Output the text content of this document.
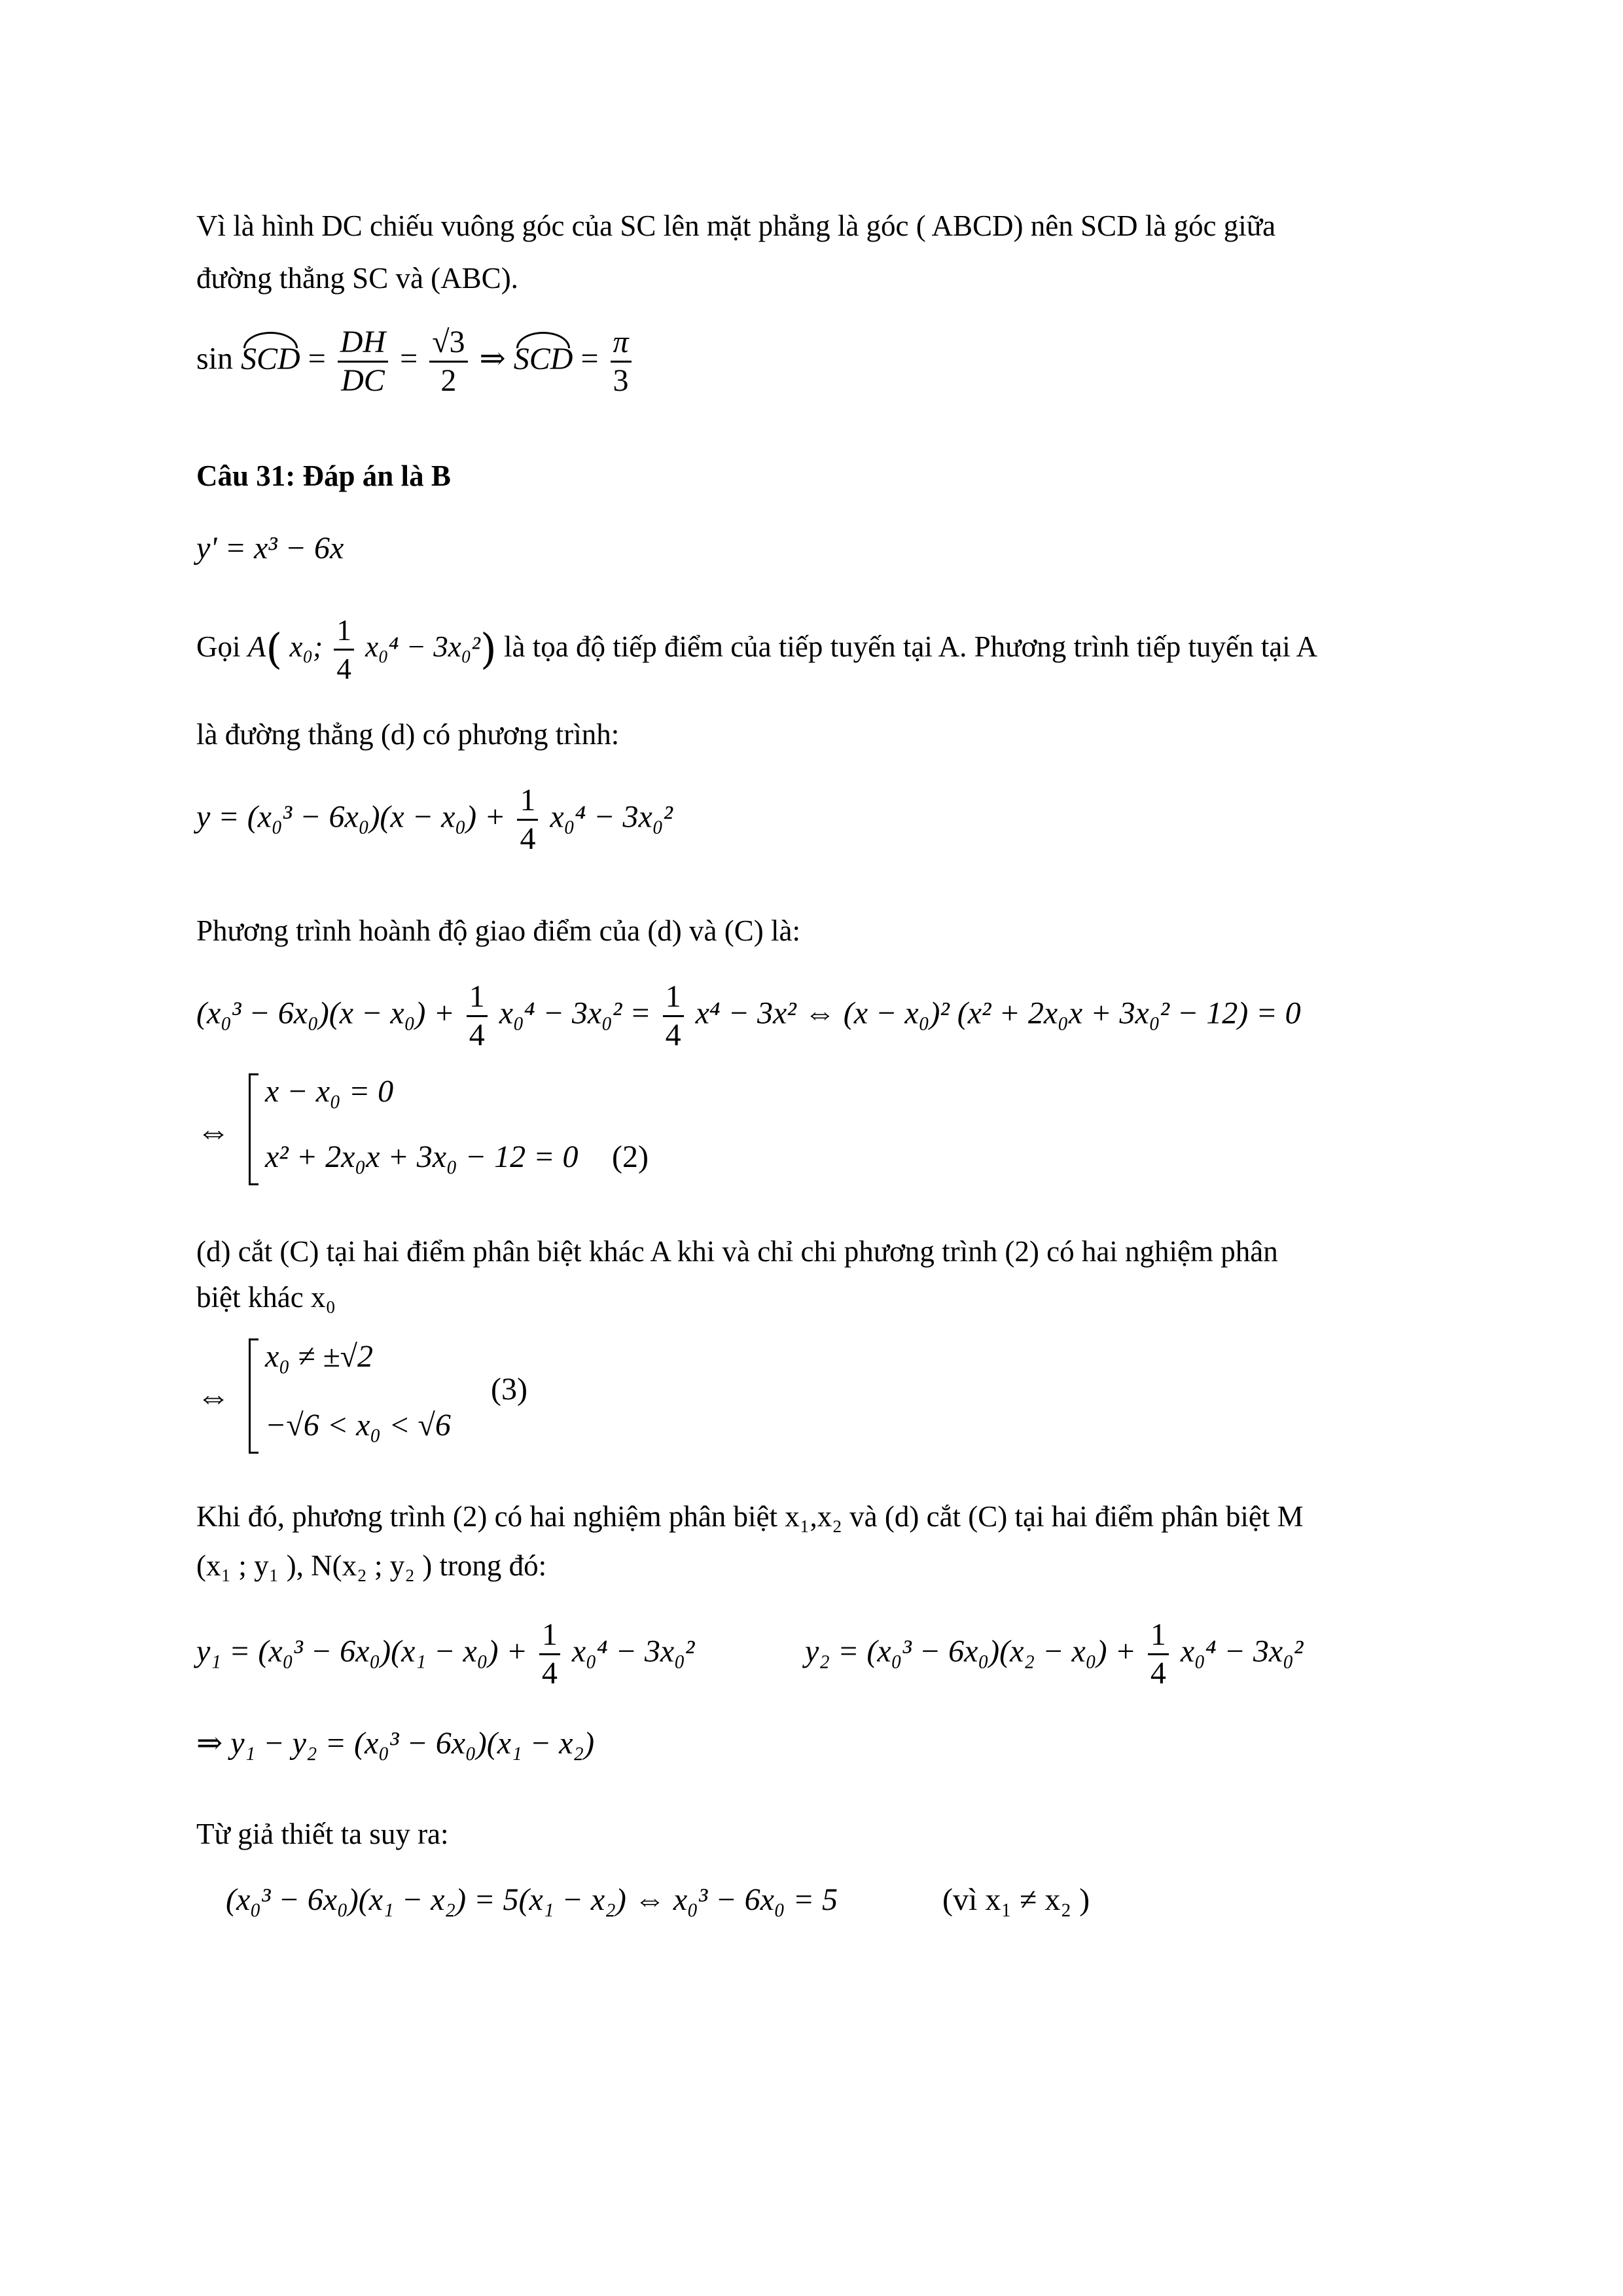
Vì là hình DC chiếu vuông góc của SC lên mặt phẳng là góc ( ABCD) nên SCD là góc giữa
đường thẳng SC và (ABC).
sin SCD = $\frac{DH}{DC} = \frac{√3}{2}$ ⇒ SCD = $\frac{\pi}{3}$
Câu 31: Đáp án là B
y' = x³ − 6x
Gọi A( x₀; $\frac{1}{4} x_0^4 - 3x_0^2$) là tọa độ tiếp điểm của tiếp tuyến tại A. Phương trình tiếp tuyến tại A
là đường thẳng (d) có phương trình:
$y = (x_0^3 - 6x_0)(x - x_0) + \frac{1}{4} x_0^4 - 3x_0^2$
Phương trình hoành độ giao điểm của (d) và (C) là:
$(x_0^3 - 6x_0)(x - x_0) + \frac{1}{4} x_0^4 - 3x_0^2 = \frac{1}{4} x^4 - 3x^2$ ⇔ (x − x₀)² (x² + 2x₀x + 3x₀² − 12) = 0
⇔
x − x₀ = 0
x² + 2x₀x + 3x₀ − 12 = 0 (2)
(d) cắt (C) tại hai điểm phân biệt khác A khi và chỉ chi phương trình (2) có hai nghiệm phân
biệt khác x₀
⇔
x₀ ≠ ±√2
−√6 < x₀ < √6
(3)
Khi đó, phương trình (2) có hai nghiệm phân biệt x₁,x₂ và (d) cắt (C) tại hai điểm phân biệt M
(x₁ ; y₁ ), N(x₂ ; y₂ ) trong đó:
$y_1 = (x_0^3 - 6x_0)(x_1 - x_0) + \frac{1}{4} x_0^4 - 3x_0^2$	$y_2 = (x_0^3 - 6x_0)(x_2 - x_0) + \frac{1}{4} x_0^4 - 3x_0^2$
⇒ y₁ − y₂ = (x₀³ − 6x₀)(x₁ − x₂)
Từ giả thiết ta suy ra:
(x₀³ − 6x₀)(x₁ − x₂) = 5(x₁ − x₂) ⇔ x₀³ − 6x₀ = 5	(vì x₁ ≠ x₂ )
